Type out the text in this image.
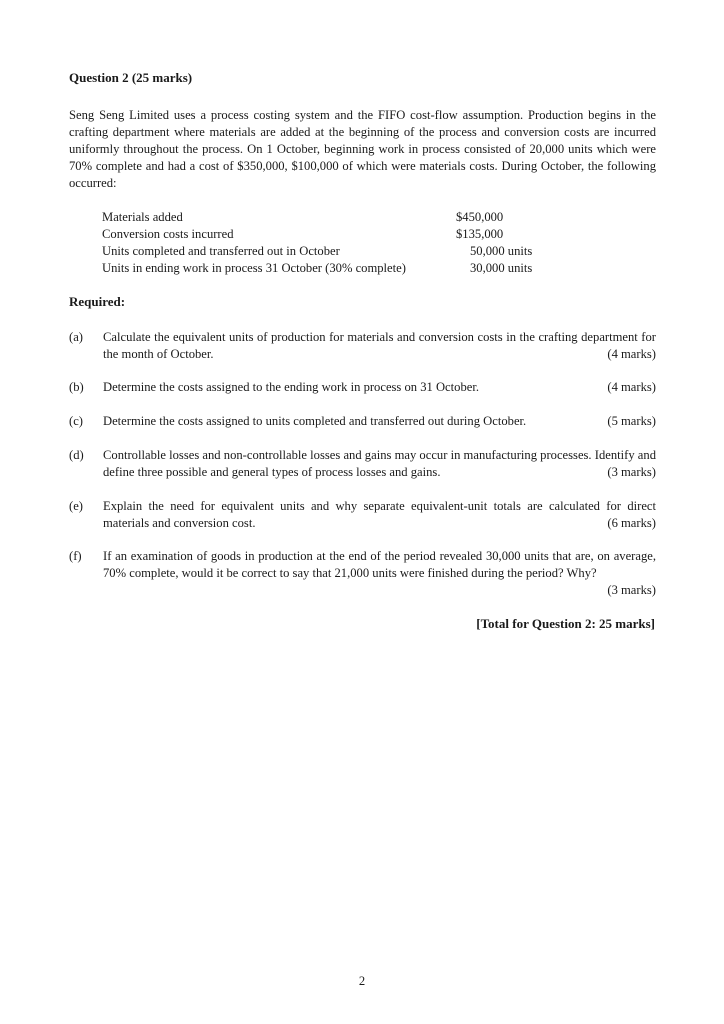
Question 2 (25 marks)
Seng Seng Limited uses a process costing system and the FIFO cost-flow assumption. Production begins in the crafting department where materials are added at the beginning of the process and conversion costs are incurred uniformly throughout the process. On 1 October, beginning work in process consisted of 20,000 units which were 70% complete and had a cost of $350,000, $100,000 of which were materials costs. During October, the following occurred:
Materials added	$450,000
Conversion costs incurred	$135,000
Units completed and transferred out in October	50,000 units
Units in ending work in process 31 October (30% complete)	30,000 units
Required:
(a) Calculate the equivalent units of production for materials and conversion costs in the crafting department for the month of October.	(4 marks)
(b) Determine the costs assigned to the ending work in process on 31 October.	(4 marks)
(c) Determine the costs assigned to units completed and transferred out during October.	(5 marks)
(d) Controllable losses and non-controllable losses and gains may occur in manufacturing processes. Identify and define three possible and general types of process losses and gains.	(3 marks)
(e) Explain the need for equivalent units and why separate equivalent-unit totals are calculated for direct materials and conversion cost.	(6 marks)
(f) If an examination of goods in production at the end of the period revealed 30,000 units that are, on average, 70% complete, would it be correct to say that 21,000 units were finished during the period? Why?
(3 marks)
[Total for Question 2: 25 marks]
2
